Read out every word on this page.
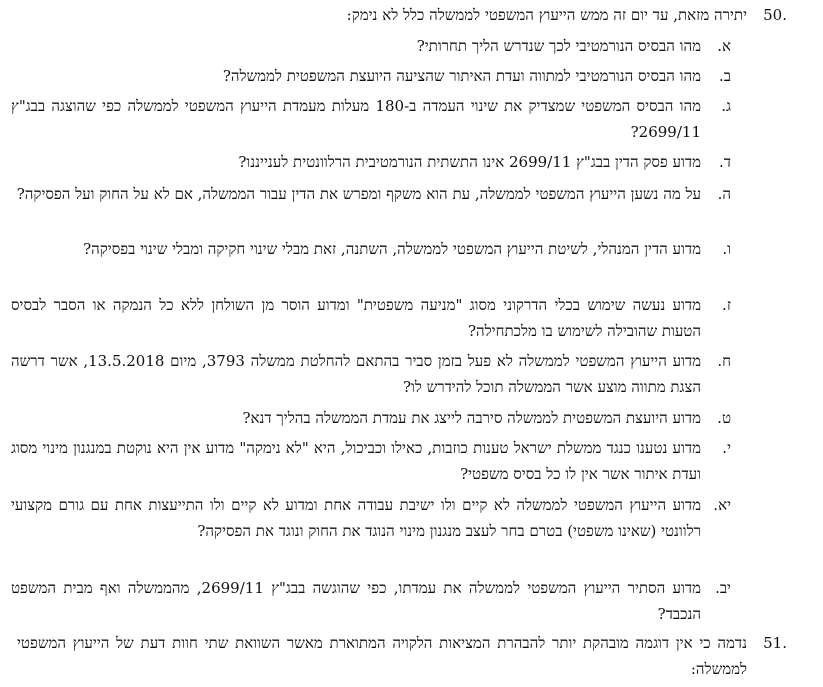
50.
יתירה מזאת, עד יום זה ממש הייעוץ המשפטי לממשלה כלל לא נימק:
א.
מהו הבסיס הנורמטיבי לכך שנדרש הליך תחרותי?
ב.
מהו הבסיס הנורמטיבי למתווה ועדת האיתור שהציעה היועצת המשפטית לממשלה?
ג.
מהו הבסיס המשפטי שמצדיק את שינוי העמדה ב-180 מעלות מעמדת הייעוץ המשפטי לממשלה כפי שהוצגה בבג"ץ 2699/11?
ד.
מדוע פסק הדין בבג"ץ 2699/11 אינו התשתית הנורמטיבית הרלוונטית לענייננו?
ה.
על מה נשען הייעוץ המשפטי לממשלה, עת הוא משקף ומפרש את הדין עבור הממשלה, אם לא על החוק ועל הפסיקה?
ו.
מדוע הדין המנהלי, לשיטת הייעוץ המשפטי לממשלה, השתנה, זאת מבלי שינוי חקיקה ומבלי שינוי בפסיקה?
ז.
מדוע נעשה שימוש בכלי הדרקוני מסוג "מניעה משפטית" ומדוע הוסר מן השולחן ללא כל הנמקה או הסבר לבסיס הטעות שהובילה לשימוש בו מלכתחילה?
ח.
מדוע הייעוץ המשפטי לממשלה לא פעל בזמן סביר בהתאם להחלטת ממשלה 3793, מיום 13.5.2018, אשר דרשה הצגת מתווה מוצע אשר הממשלה תוכל להידרש לו?
ט.
מדוע היועצת המשפטית לממשלה סירבה לייצג את עמדת הממשלה בהליך דנא?
י.
מדוע נטענו כנגד ממשלת ישראל טענות כוזבות, כאילו וכביכול, היא "לא נימקה" מדוע אין היא נוקטת במנגנון מינוי מסוג ועדת איתור אשר אין לו כל בסיס משפטי?
יא.
מדוע הייעוץ המשפטי לממשלה לא קיים ולו ישיבת עבודה אחת ומדוע לא קיים ולו התייעצות אחת עם גורם מקצועי רלוונטי (שאינו משפטי) בטרם בחר לעצב מנגנון מינוי הנוגד את החוק ונוגד את הפסיקה?
יב.
מדוע הסתיר הייעוץ המשפטי לממשלה את עמדתו, כפי שהוגשה בבג"ץ 2699/11, מהממשלה ואף מבית המשפט הנכבד?
51.
נדמה כי אין דוגמה מובהקת יותר להבהרת המציאות הלקויה המתוארת מאשר השוואת שתי חוות דעת של הייעוץ המשפטי לממשלה:
